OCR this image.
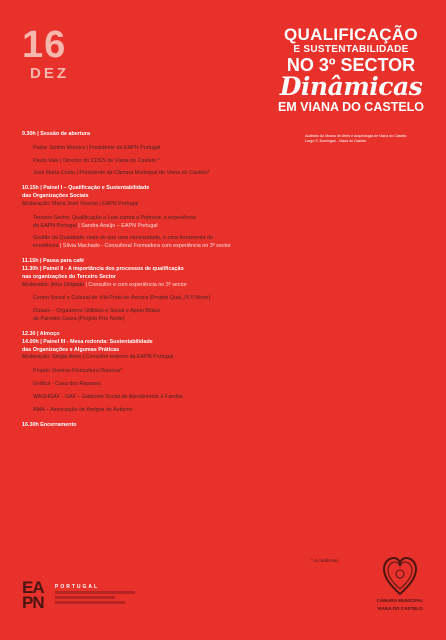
16
DEZ
QUALIFICAÇÃO
E SUSTENTABILIDADE
NO 3º SECTOR
Dinâmicas
EM VIANA DO CASTELO
Auditório do Museu de Artes e Arqueologia de Viana do Castelo
Largo S. Domingos - Viana do Castelo
9.30h | Sessão de abertura
Padre Jardim Moreira | Presidente da EAPN Portugal
Paulo Vale | Director do CDSS de Viana do Castelo *
José Maria Costa | Presidente da Câmara Municipal de Viana do Castelo*
10.15h | Painel I – Qualificação e Sustentabilidade
das Organizações Sociais
Moderação: Maria José Vicente | EAPN Portugal
Terceiro Sector, Qualificação e Luta contra a Pobreza: a experiência
da EAPN Portugal | Sandra Araújo – EAPN Portugal
Gestão da Qualidade: mais do que uma necessidade, é uma ferramenta de
excelência | Sílvia Machado - Consultora/ Formadora com experiência no 3º sector
11.15h | Pausa para café
11.30h | Painel II - A importância dos processos de qualificação
nas organizações do Terceiro Sector
Moderador: Artur Delgado | Consultor e com experiência no 3º sector
Centro Social e Cultural de Vila Praia de Âncora (Projeto Qual_IS II Norte)
Ousam – Organismo Utilitário e Social e Apoio Mútuo
de Paredes Coura (Projeto Prio Norte)
12.30 | Almoço
14.00h | Painel III - Mesa redonda: Sustentabilidade
das Organizações e Algumas Práticas
Moderação: Sérgio Aires | Consultor externo da EAPN Portugal
Projeto Viveiros Floricultura Dianova*
Gráfica - Casa dos Rapazes
WASHGAF - GAF – Gabinete Social de Atendimento à Família
AMA – Associação de Amigos do Autismo
16.30h Encerramento
* a confirmar
EA
PN
PORTUGAL
CÂMARA MUNICIPAL
VIANA DO CASTELO
